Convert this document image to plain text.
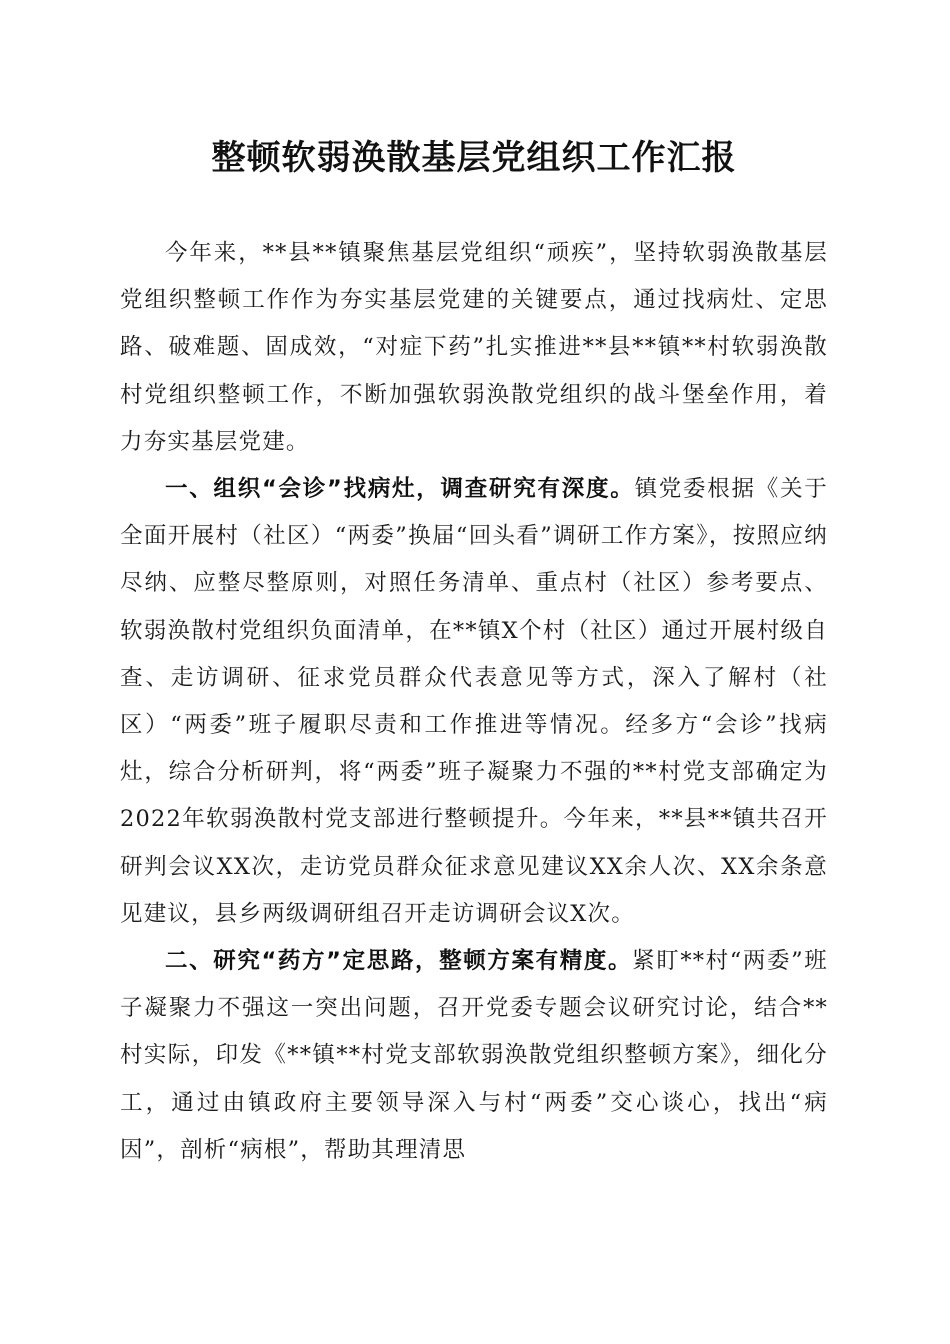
整顿软弱涣散基层党组织工作汇报

今年来，**县**镇聚焦基层党组织“顽疾”，坚持软弱涣散基层党组织整顿工作作为夯实基层党建的关键要点，通过找病灶、定思路、破难题、固成效，“对症下药”扎实推进**县**镇**村软弱涣散村党组织整顿工作，不断加强软弱涣散党组织的战斗堡垒作用，着力夯实基层党建。

一、组织“会诊”找病灶，调查研究有深度。镇党委根据《关于全面开展村（社区）“两委”换届“回头看”调研工作方案》，按照应纳尽纳、应整尽整原则，对照任务清单、重点村（社区）参考要点、软弱涣散村党组织负面清单，在**镇X个村（社区）通过开展村级自查、走访调研、征求党员群众代表意见等方式，深入了解村（社区）“两委”班子履职尽责和工作推进等情况。经多方“会诊”找病灶，综合分析研判，将“两委”班子凝聚力不强的**村党支部确定为2022年软弱涣散村党支部进行整顿提升。今年来，**县**镇共召开研判会议XX次，走访党员群众征求意见建议XX余人次、XX余条意见建议，县乡两级调研组召开走访调研会议X次。

二、研究“药方”定思路，整顿方案有精度。紧盯**村“两委”班子凝聚力不强这一突出问题，召开党委专题会议研究讨论，结合**村实际，印发《**镇**村党支部软弱涣散党组织整顿方案》，细化分工，通过由镇政府主要领导深入与村“两委”交心谈心，找出“病因”，剖析“病根”，帮助其理清思
